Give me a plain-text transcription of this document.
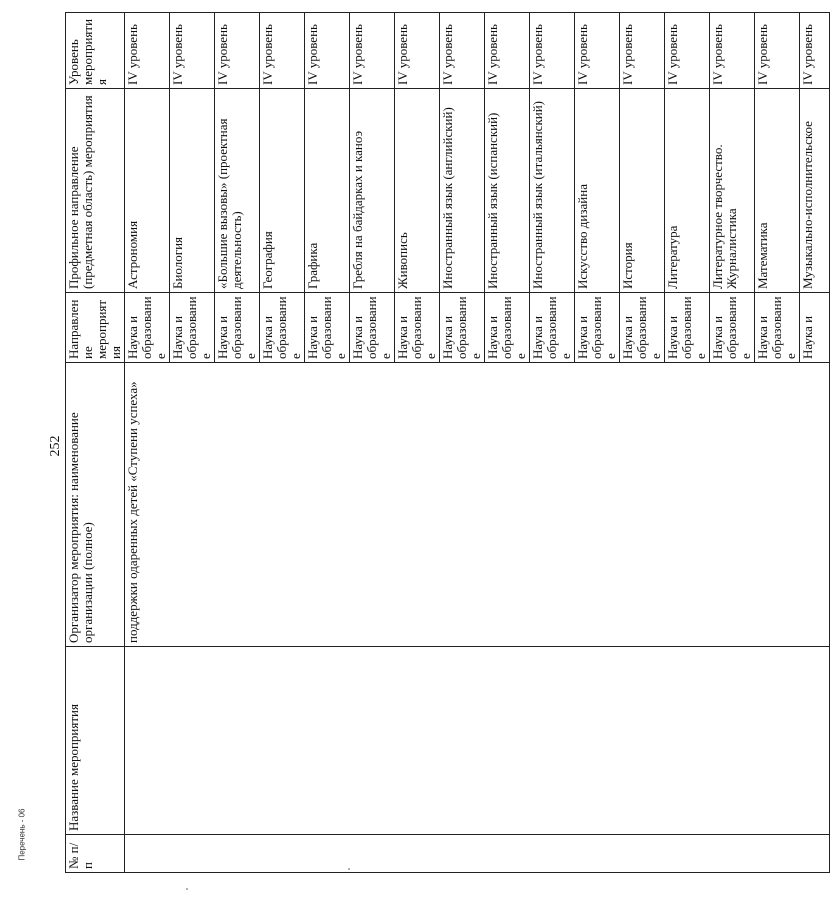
№ п/п	Название мероприятия	Организатор мероприятия: наименование организации (полное)	Направление мероприятия	Профильное направление (предметная область) мероприятия	Уровень мероприятия
		поддержки одаренных детей «Ступени успеха»	Наука и образование	Астрономия	IV уровень
			Наука и образование	Биология	IV уровень
			Наука и образование	«Большие вызовы» (проектная деятельность)	IV уровень
			Наука и образование	География	IV уровень
			Наука и образование	Графика	IV уровень
			Наука и образование	Гребля на байдарках и каноэ	IV уровень
			Наука и образование	Живопись	IV уровень
			Наука и образование	Иностранный язык (английский)	IV уровень
			Наука и образование	Иностранный язык (испанский)	IV уровень
			Наука и образование	Иностранный язык (итальянский)	IV уровень
			Наука и образование	Искусство дизайна	IV уровень
			Наука и образование	История	IV уровень
			Наука и образование	Литература	IV уровень
			Наука и образование	Литературное творчество. Журналистика	IV уровень
			Наука и образование	Математика	IV уровень
			Наука и	Музыкально-исполнительское	IV уровень
252
Перечень - 06
